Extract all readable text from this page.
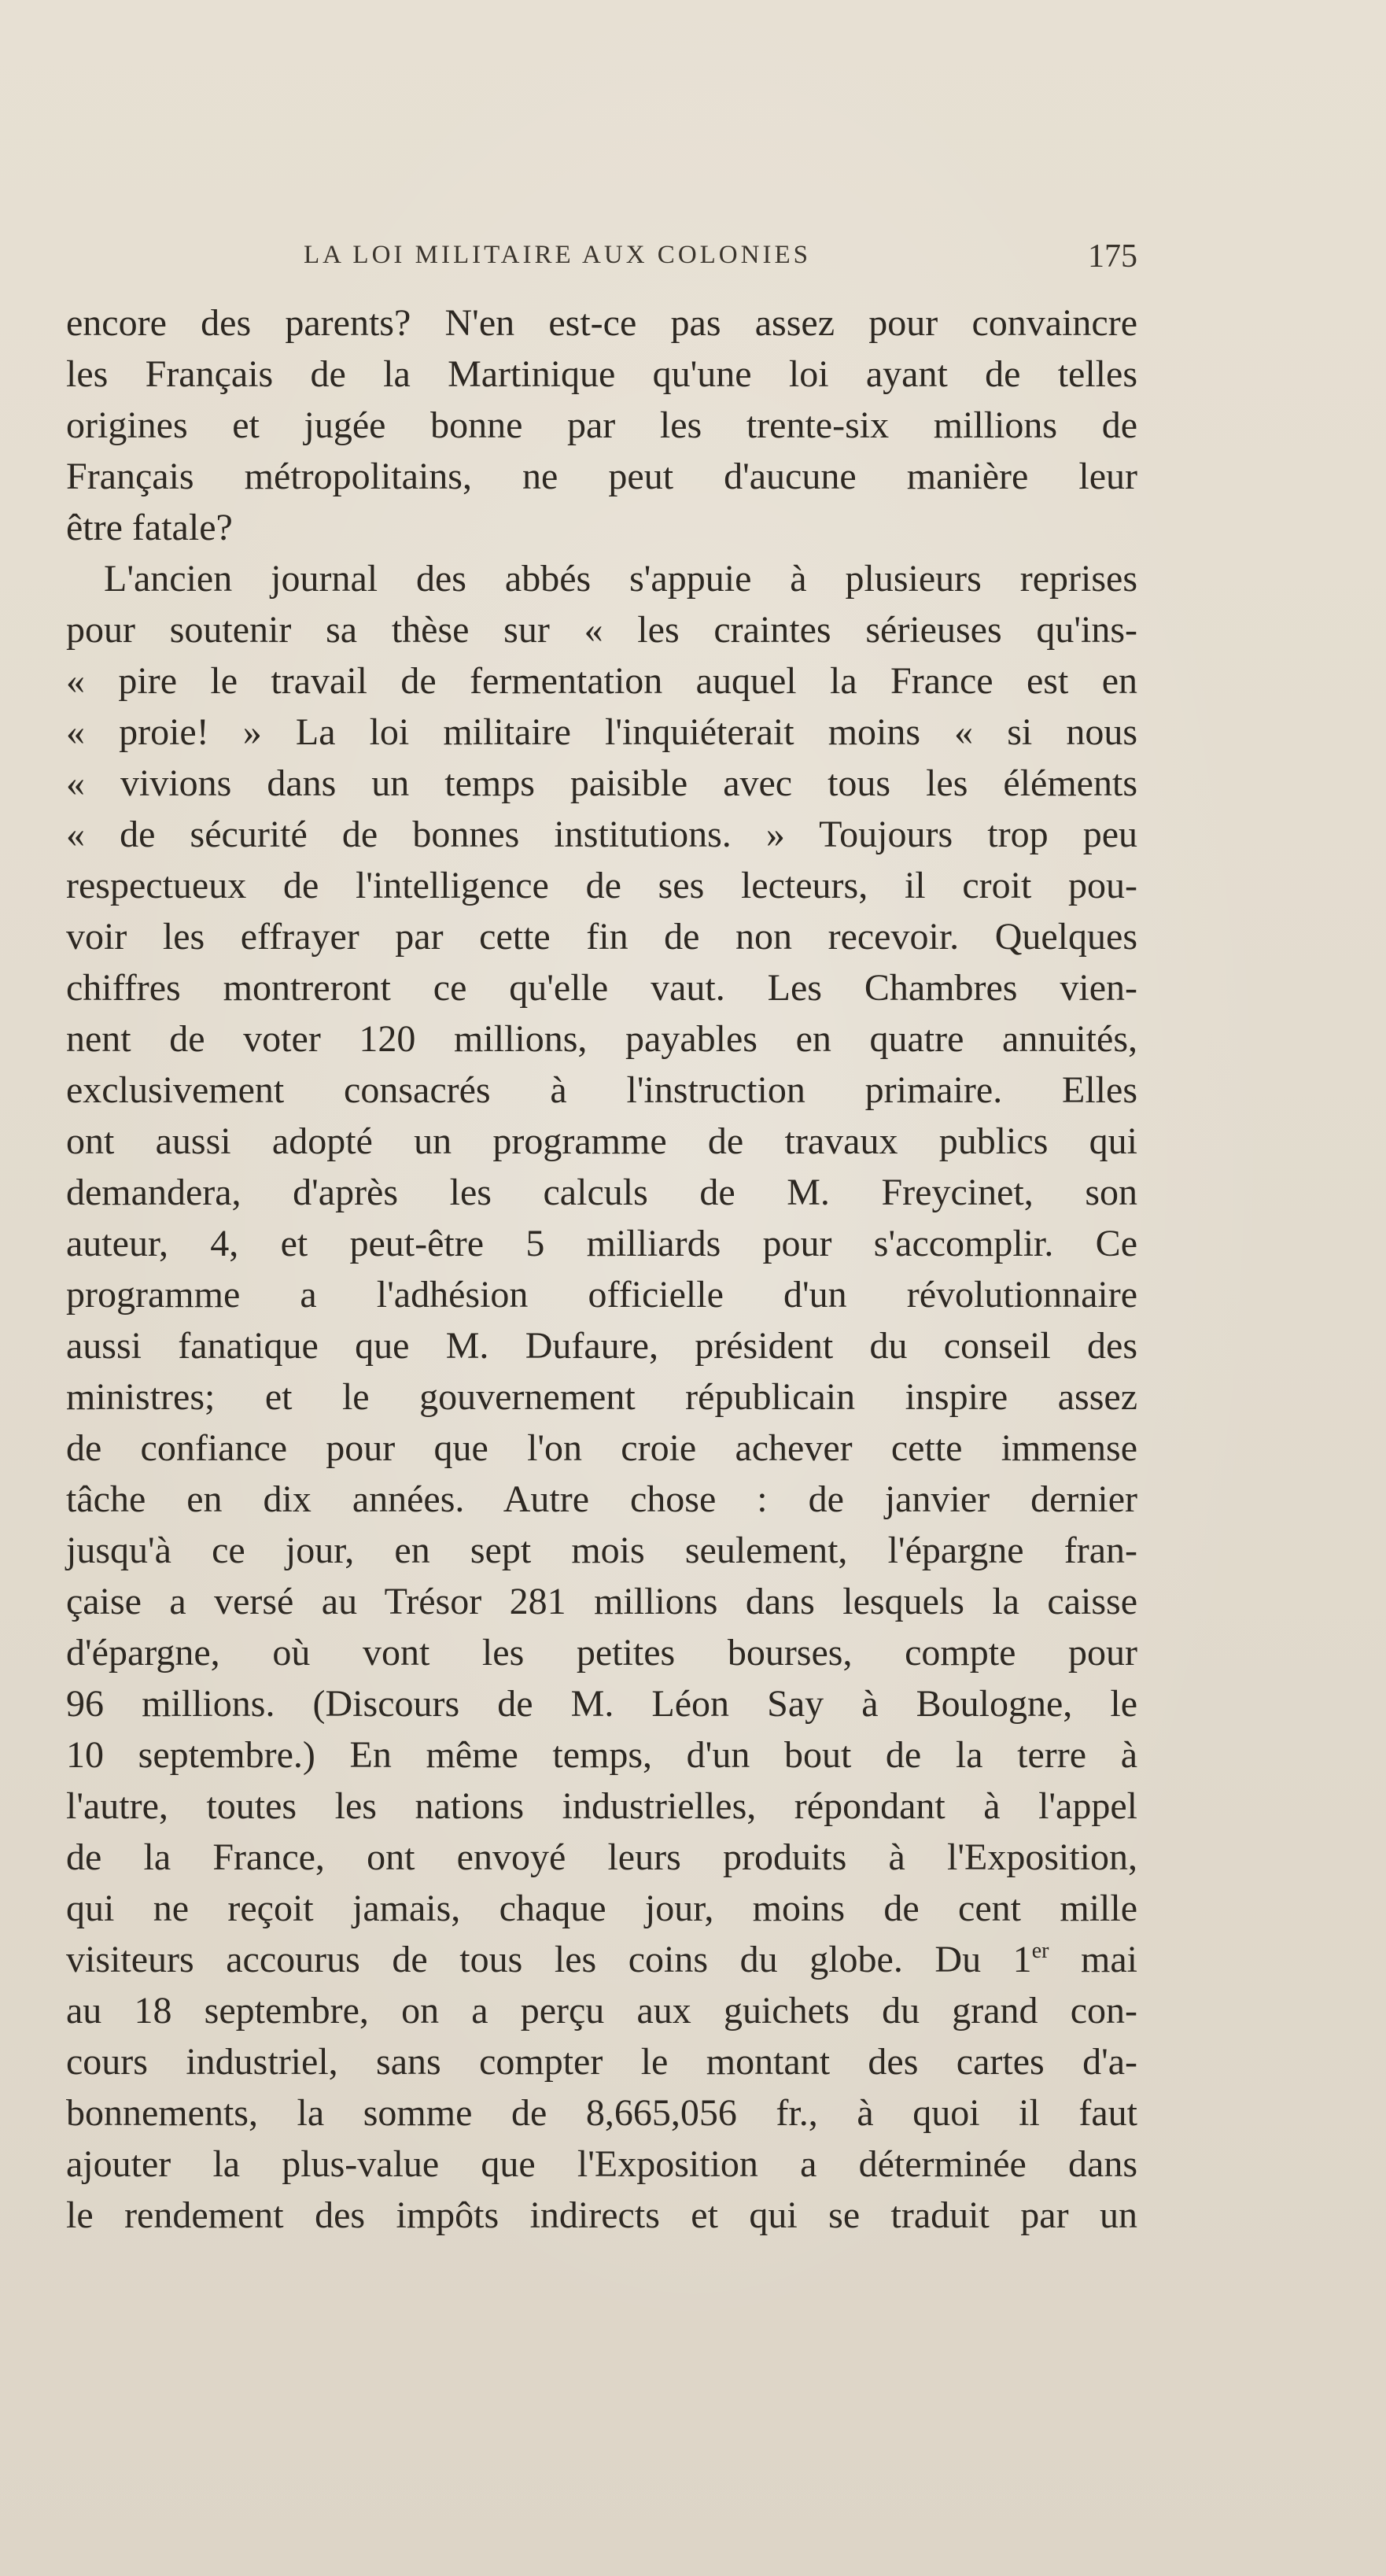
LA LOI MILITAIRE AUX COLONIES	175
encore des parents? N'en est-ce pas assez pour convaincre
les Français de la Martinique qu'une loi ayant de telles
origines et jugée bonne par les trente-six millions de
Français métropolitains, ne peut d'aucune manière leur
être fatale?
L'ancien journal des abbés s'appuie à plusieurs reprises
pour soutenir sa thèse sur « les craintes sérieuses qu'ins-
« pire le travail de fermentation auquel la France est en
« proie! » La loi militaire l'inquiéterait moins « si nous
« vivions dans un temps paisible avec tous les éléments
« de sécurité de bonnes institutions. » Toujours trop peu
respectueux de l'intelligence de ses lecteurs, il croit pou-
voir les effrayer par cette fin de non recevoir. Quelques
chiffres montreront ce qu'elle vaut. Les Chambres vien-
nent de voter 120 millions, payables en quatre annuités,
exclusivement consacrés à l'instruction primaire. Elles
ont aussi adopté un programme de travaux publics qui
demandera, d'après les calculs de M. Freycinet, son
auteur, 4, et peut-être 5 milliards pour s'accomplir. Ce
programme a l'adhésion officielle d'un révolutionnaire
aussi fanatique que M. Dufaure, président du conseil des
ministres; et le gouvernement républicain inspire assez
de confiance pour que l'on croie achever cette immense
tâche en dix années. Autre chose : de janvier dernier
jusqu'à ce jour, en sept mois seulement, l'épargne fran-
çaise a versé au Trésor 281 millions dans lesquels la caisse
d'épargne, où vont les petites bourses, compte pour
96 millions. (Discours de M. Léon Say à Boulogne, le
10 septembre.) En même temps, d'un bout de la terre à
l'autre, toutes les nations industrielles, répondant à l'appel
de la France, ont envoyé leurs produits à l'Exposition,
qui ne reçoit jamais, chaque jour, moins de cent mille
visiteurs accourus de tous les coins du globe. Du 1er mai
au 18 septembre, on a perçu aux guichets du grand con-
cours industriel, sans compter le montant des cartes d'a-
bonnements, la somme de 8,665,056 fr., à quoi il faut
ajouter la plus-value que l'Exposition a déterminée dans
le rendement des impôts indirects et qui se traduit par un
